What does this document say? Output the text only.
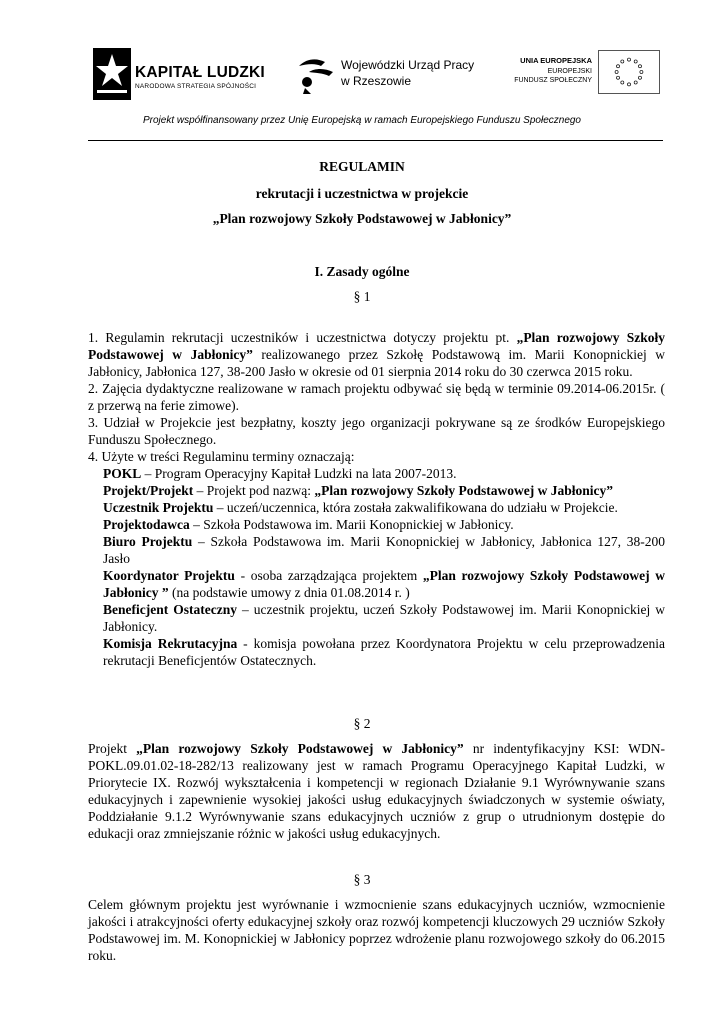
KAPITAŁ LUDZKI
NARODOWA STRATEGIA SPÓJNOŚCI
Wojewódzki Urząd Pracy
w Rzeszowie
UNIA EUROPEJSKA
EUROPEJSKI
FUNDUSZ SPOŁECZNY
Projekt współfinansowany przez Unię Europejską w ramach Europejskiego Funduszu Społecznego
REGULAMIN
rekrutacji i uczestnictwa w projekcie
„Plan rozwojowy Szkoły Podstawowej w Jabłonicy”
I. Zasady ogólne
§ 1

1. Regulamin rekrutacji uczestników i uczestnictwa dotyczy projektu pt. „Plan rozwojowy Szkoły Podstawowej w Jabłonicy” realizowanego przez Szkołę Podstawową im. Marii Konopnickiej w Jabłonicy, Jabłonica 127, 38-200 Jasło w okresie od 01 sierpnia 2014 roku do 30 czerwca 2015 roku.

2. Zajęcia dydaktyczne realizowane w ramach projektu odbywać się będą w terminie 09.2014-06.2015r. ( z przerwą na ferie zimowe).

3. Udział w Projekcie jest bezpłatny, koszty jego organizacji pokrywane są ze środków Europejskiego Funduszu Społecznego.

4. Użyte w treści Regulaminu terminy oznaczają:

POKL – Program Operacyjny Kapitał Ludzki na lata 2007-2013.

Projekt/Projekt – Projekt pod nazwą: „Plan rozwojowy Szkoły Podstawowej w Jabłonicy”

Uczestnik Projektu – uczeń/uczennica, która została zakwalifikowana do udziału w Projekcie.

Projektodawca – Szkoła Podstawowa im. Marii Konopnickiej w Jabłonicy.

Biuro Projektu – Szkoła Podstawowa im. Marii Konopnickiej w Jabłonicy, Jabłonica 127, 38-200 Jasło

Koordynator Projektu - osoba zarządzająca projektem „Plan rozwojowy Szkoły Podstawowej w Jabłonicy ” (na podstawie umowy z dnia 01.08.2014 r. )

Beneficjent Ostateczny – uczestnik projektu, uczeń Szkoły Podstawowej im. Marii Konopnickiej w Jabłonicy.

Komisja Rekrutacyjna - komisja powołana przez Koordynatora Projektu w celu przeprowadzenia rekrutacji Beneficjentów Ostatecznych.

§ 2

Projekt „Plan rozwojowy Szkoły Podstawowej w Jabłonicy” nr indentyfikacyjny KSI: WDN-POKL.09.01.02-18-282/13 realizowany jest w ramach Programu Operacyjnego Kapitał Ludzki, w Priorytecie IX. Rozwój wykształcenia i kompetencji w regionach Działanie 9.1 Wyrównywanie szans edukacyjnych i zapewnienie wysokiej jakości usług edukacyjnych świadczonych w systemie oświaty, Poddziałanie 9.1.2 Wyrównywanie szans edukacyjnych uczniów z grup o utrudnionym dostępie do edukacji oraz zmniejszanie różnic w jakości usług edukacyjnych.

§ 3

Celem głównym projektu jest wyrównanie i wzmocnienie szans edukacyjnych uczniów, wzmocnienie jakości i atrakcyjności oferty edukacyjnej szkoły oraz rozwój kompetencji kluczowych 29 uczniów Szkoły Podstawowej im. M. Konopnickiej w Jabłonicy poprzez wdrożenie planu rozwojowego szkoły do 06.2015 roku.
